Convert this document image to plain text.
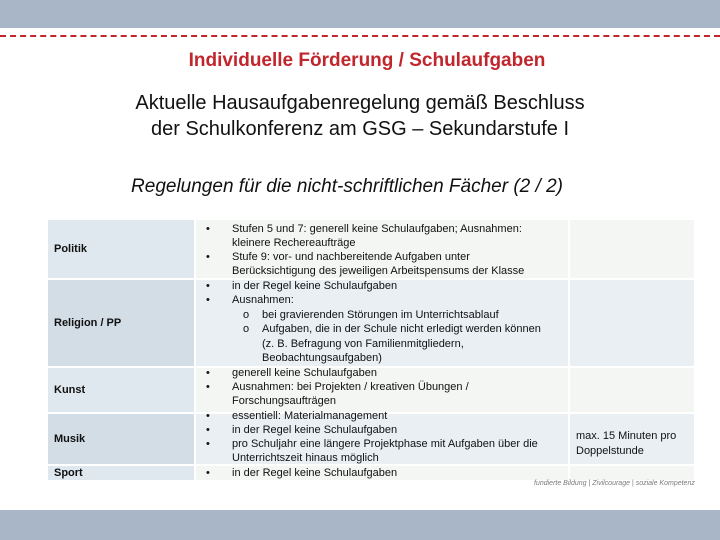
Individuelle Förderung / Schulaufgaben
Aktuelle Hausaufgabenregelung gemäß Beschluss
der Schulkonferenz am GSG – Sekundarstufe I
Regelungen für die nicht-schriftlichen Fächer (2 / 2)
Politik
Religion / PP
Kunst
Musik
Sport
• Stufen 5 und 7: generell keine Schulaufgaben; Ausnahmen:
kleinere Rechereaufträge
• Stufe 9: vor- und nachbereitende Aufgaben unter
Berücksichtigung des jeweiligen Arbeitspensums der Klasse
• in der Regel keine Schulaufgaben
• Ausnahmen:
o bei gravierenden Störungen im Unterrichtsablauf
o Aufgaben, die in der Schule nicht erledigt werden können
(z. B. Befragung von Familienmitgliedern,
Beobachtungsaufgaben)
• generell keine Schulaufgaben
• Ausnahmen: bei Projekten / kreativen Übungen /
Forschungsaufträgen
• essentiell: Materialmanagement
• in der Regel keine Schulaufgaben
• pro Schuljahr eine längere Projektphase mit Aufgaben über die
Unterrichtszeit hinaus möglich
• in der Regel keine Schulaufgaben
max. 15 Minuten pro
Doppelstunde
fundierte Bildung | Zivilcourage | soziale Kompetenz
